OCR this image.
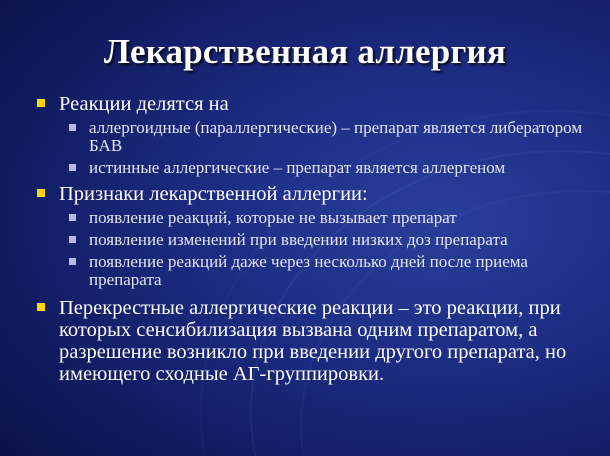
Лекарственная аллергия
Реакции делятся на
аллергоидные (параллергические) – препарат является либератором БАВ
истинные аллергические – препарат является аллергеном
Признаки лекарственной аллергии:
появление реакций, которые не вызывает препарат
появление изменений при введении низких доз препарата
появление реакций даже через несколько дней после приема препарата
Перекрестные аллергические реакции – это реакции, при которых сенсибилизация вызвана одним препаратом, а разрешение возникло при введении другого препарата, но имеющего сходные АГ-группировки.
